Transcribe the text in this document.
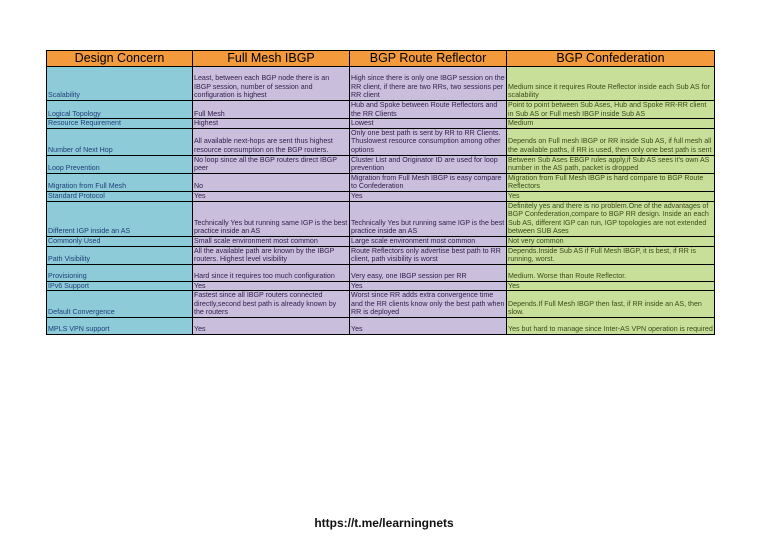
Design Concern	Full Mesh IBGP	BGP Route Reflector	BGP Confederation
Scalability	Least, between each BGP node there is an IBGP session, number of session and configuration is highest	High since there is only one IBGP session on the RR client, if there are two RRs, two sessions per RR client	Medium since it requires Route Reflector inside each Sub AS for scalability
Logical Topology	Full Mesh	Hub and Spoke between Route Reflectors and the RR Clients	Point to point between Sub Ases, Hub and Spoke RR-RR client in Sub AS or Full mesh IBGP inside Sub AS
Resource Requirement	Highest	Lowest	Medium
Number of Next Hop	All available next-hops are sent thus highest resource consumption on the BGP routers.	Only one best path is sent by RR to RR Clients. Thuslowest resource consumption among other options	Depends on Full mesh IBGP or RR inside Sub AS, if full mesh all the available paths, if RR is used, then only one best path is sent
Loop Prevention	No loop since all the BGP routers direct IBGP peer	Cluster List and Originator ID are used for loop prevention	Between Sub Ases EBGP rules apply,if Sub AS sees it's own AS number in the AS path, packet is dropped
Migration from Full Mesh	No	Migration from Full Mesh IBGP is easy compare to Confederation	Migration from Full Mesh IBGP is hard compare to BGP Route Reflectors
Standard Protocol	Yes	Yes	Yes
Different IGP inside an AS	Technically Yes but running same IGP is the best practice inside an AS	Technically Yes but running same IGP is the best practice inside an AS	Definitely yes and there is no problem.One of the advantages of BGP Confederation,compare to BGP RR design. Inside an each Sub AS, different IGP can run, IGP topologies are not extended between SUB Ases
Commonly Used	Small scale environment most common	Large scale environment most common	Not very common
Path Visibility	All the available path are known by the IBGP routers. Highest level visibility	Route Reflectors only advertise best path to RR client, path visibility is worst	Depends.Inside Sub AS if Full Mesh IBGP, it is best, if RR is running, worst.
Provisioning	Hard since it requires too much configuration	Very easy, one IBGP session per RR	Medium. Worse than Route Reflector.
IPv6 Support	Yes	Yes	Yes
Default Convergence	Fastest since all IBGP routers connected directly,second best path is already known by the routers	Worst since RR adds extra convergence time and the RR clients know only the best path when RR is deployed	Depends.If Full Mesh IBGP then fast, if RR inside an AS, then slow.
MPLS VPN support	Yes	Yes	Yes but hard to manage since Inter-AS VPN operation is required
https://t.me/learningnets
